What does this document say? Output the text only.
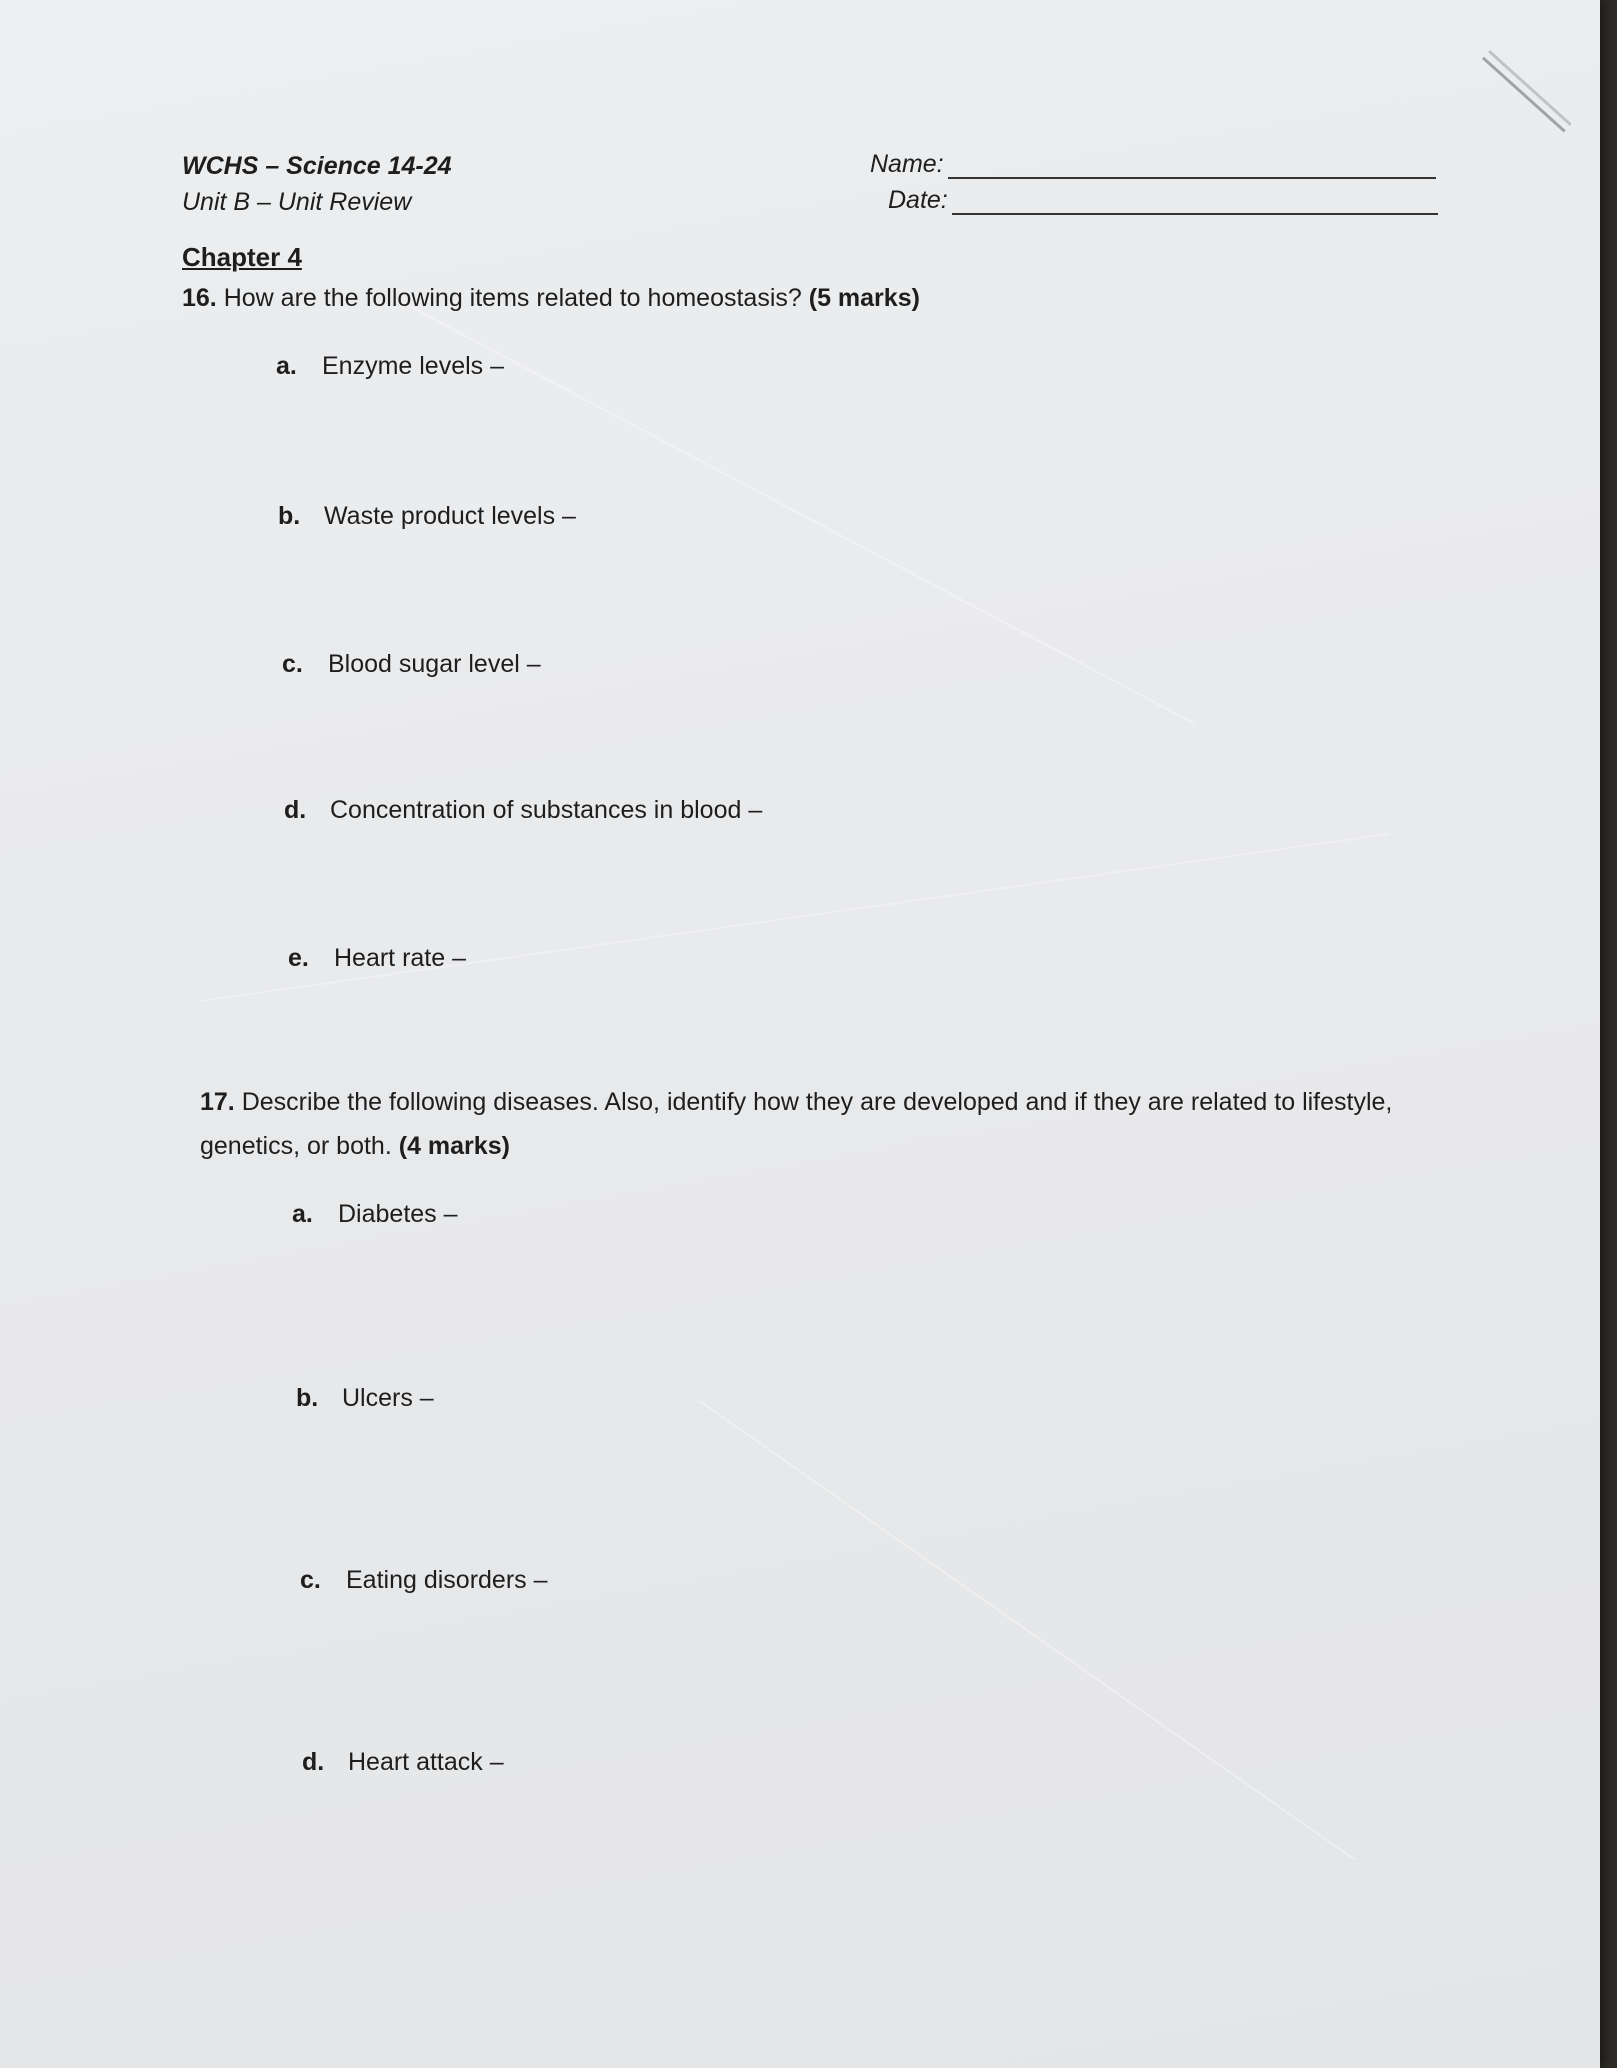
WCHS – Science 14-24
Unit B – Unit Review
Name:
Date:
Chapter 4
16. How are the following items related to homeostasis? (5 marks)
a.	Enzyme levels –
b. Waste product levels –
c.	Blood sugar level –
d. Concentration of substances in blood –
e.	Heart rate –
17. Describe the following diseases. Also, identify how they are developed and if they are related to lifestyle, genetics, or both. (4 marks)
a.	Diabetes –
b. Ulcers –
c.	Eating disorders –
d. Heart attack –
